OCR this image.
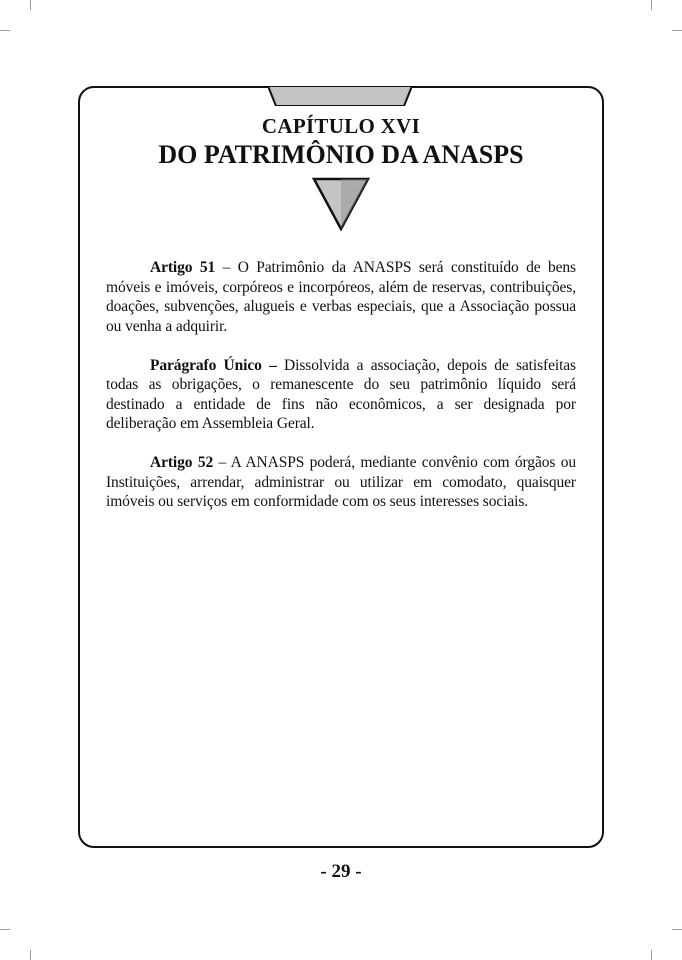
CAPÍTULO XVI
DO PATRIMÔNIO DA ANASPS

Artigo 51 – O Patrimônio da ANASPS será constituído de bens móveis e imóveis, corpóreos e incorpóreos, além de reservas, contribuições, doações, subvenções, alugueis e verbas especiais, que a Associação possua ou venha a adquirir.

Parágrafo Único – Dissolvida a associação, depois de satisfeitas todas as obrigações, o remanescente do seu patrimônio líquido será destinado a entidade de fins não econômicos, a ser designada por deliberação em Assembleia Geral.

Artigo 52 – A ANASPS poderá, mediante convênio com órgãos ou Instituições, arrendar, administrar ou utilizar em comodato, quaisquer imóveis ou serviços em conformidade com os seus interesses sociais.

- 29 -
